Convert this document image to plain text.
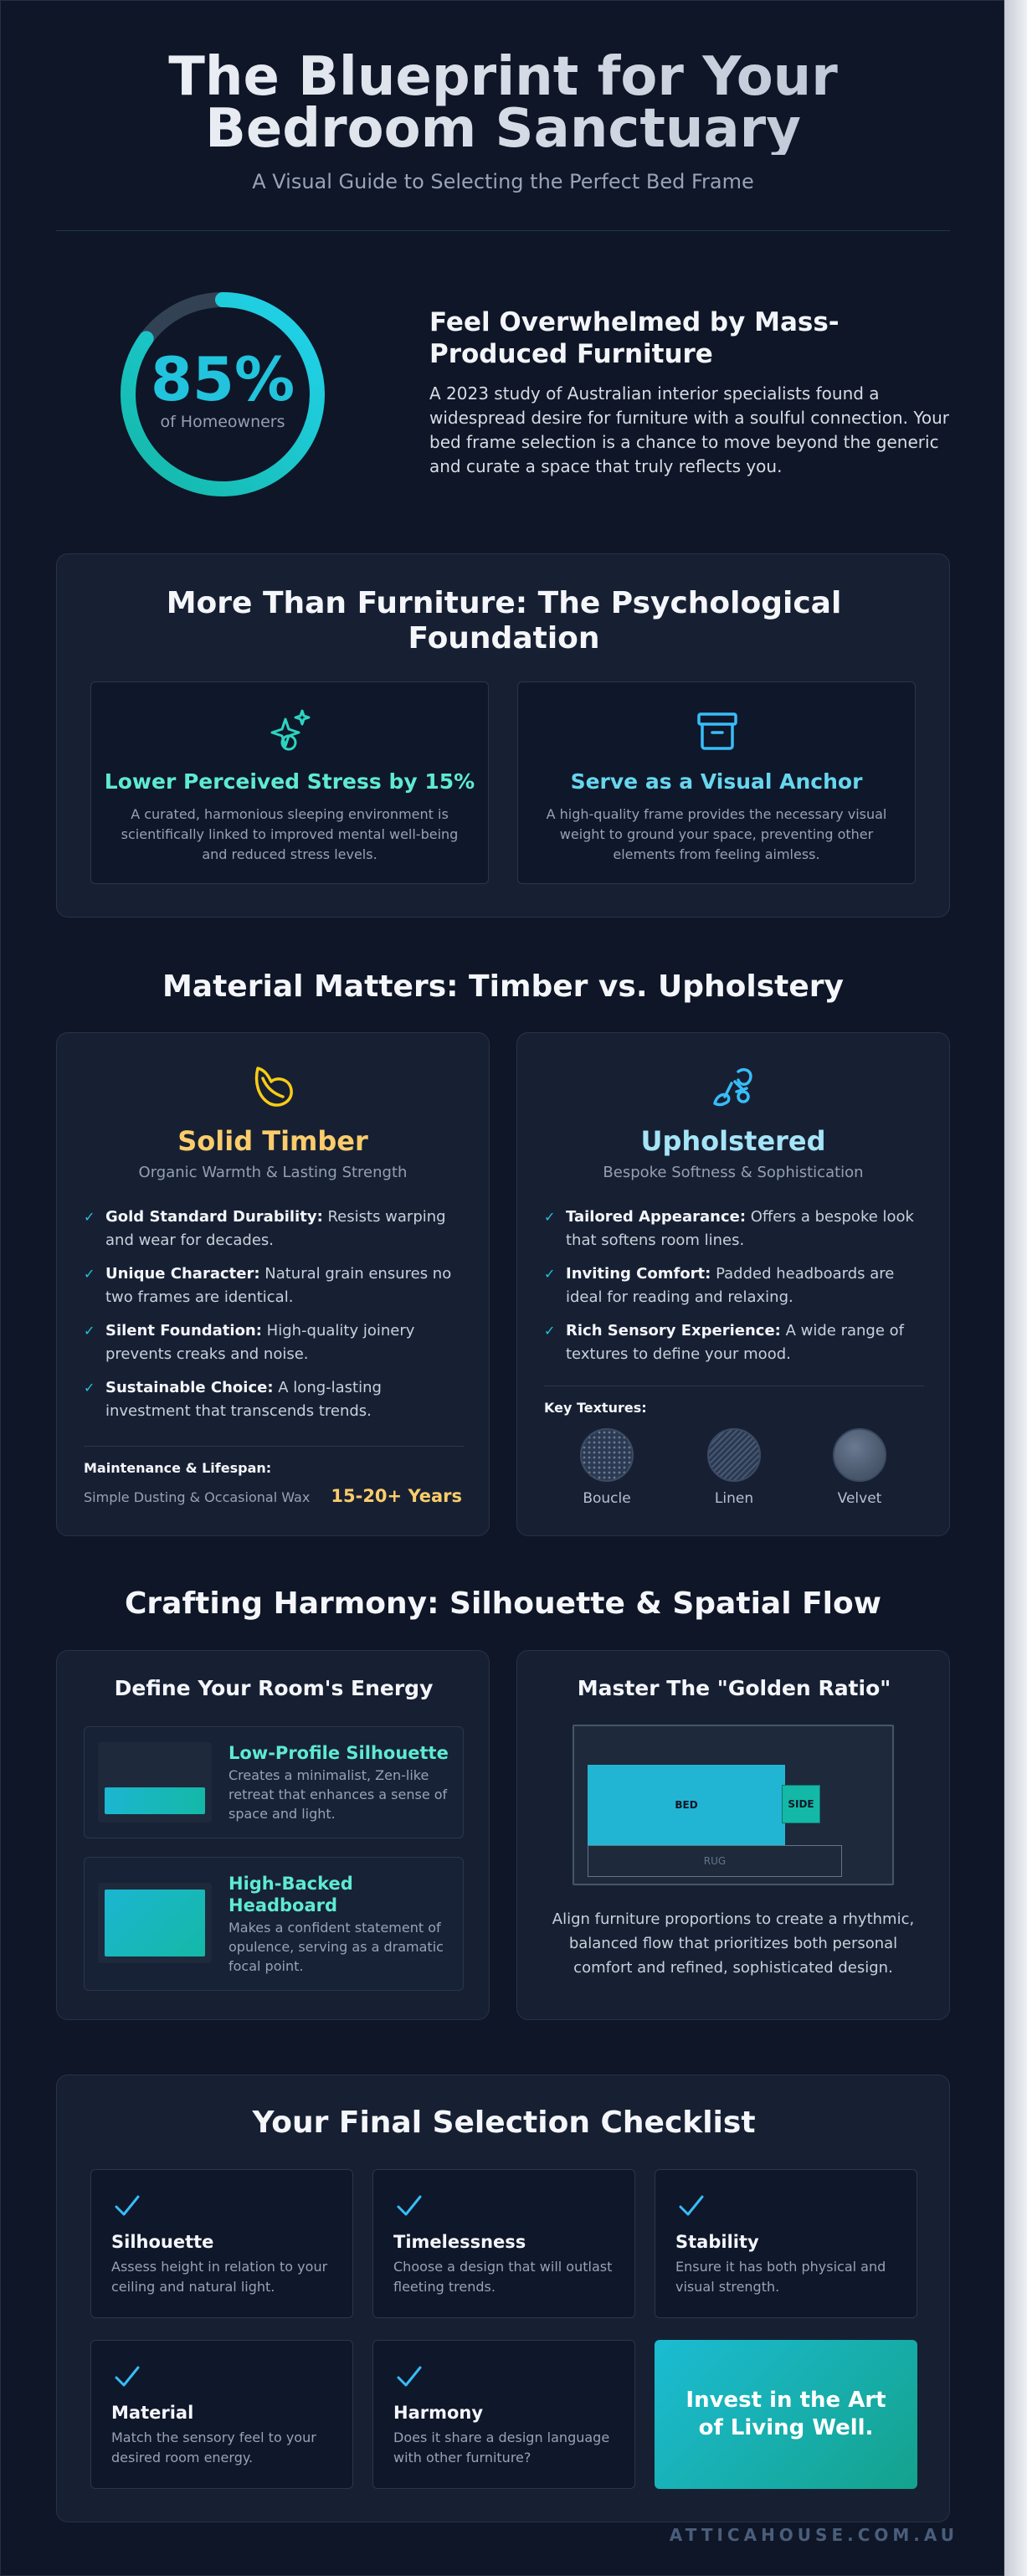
The Blueprint for Your Bedroom Sanctuary
A Visual Guide to Selecting the Perfect Bed Frame
85%
of Homeowners
Feel Overwhelmed by Mass-Produced Furniture

A 2023 study of Australian interior specialists found a widespread desire for furniture with a soulful connection. Your bed frame selection is a chance to move beyond the generic and curate a space that truly reflects you.

More Than Furniture: The Psychological Foundation
Lower Perceived Stress by 15%

A curated, harmonious sleeping environment is scientifically linked to improved mental well-being and reduced stress levels.

Serve as a Visual Anchor

A high-quality frame provides the necessary visual weight to ground your space, preventing other elements from feeling aimless.

Material Matters: Timber vs. Upholstery
Solid Timber
Organic Warmth & Lasting Strength
✓ Gold Standard Durability: Resists warping and wear for decades.
✓ Unique Character: Natural grain ensures no two frames are identical.
✓ Silent Foundation: High-quality joinery prevents creaks and noise.
✓ Sustainable Choice: A long-lasting investment that transcends trends.
Maintenance & Lifespan:
Simple Dusting & Occasional Wax 15-20+ Years
Upholstered
Bespoke Softness & Sophistication
✓ Tailored Appearance: Offers a bespoke look that softens room lines.
✓ Inviting Comfort: Padded headboards are ideal for reading and relaxing.
✓ Rich Sensory Experience: A wide range of textures to define your mood.
Key Textures:
Boucle	Linen	Velvet
Crafting Harmony: Silhouette & Spatial Flow
Define Your Room's Energy
Low-Profile Silhouette

Creates a minimalist, Zen-like retreat that enhances a sense of space and light.

High-Backed Headboard

Makes a confident statement of opulence, serving as a dramatic focal point.

Master The "Golden Ratio"
BED	SIDE
RUG

Align furniture proportions to create a rhythmic, balanced flow that prioritizes both personal comfort and refined, sophisticated design.

Your Final Selection Checklist
Silhouette

Assess height in relation to your ceiling and natural light.

Timelessness

Choose a design that will outlast fleeting trends.

Stability

Ensure it has both physical and visual strength.

Material

Match the sensory feel to your desired room energy.

Harmony

Does it share a design language with other furniture?

Invest in the Art of Living Well.
ATTICAHOUSE.COM.AU
